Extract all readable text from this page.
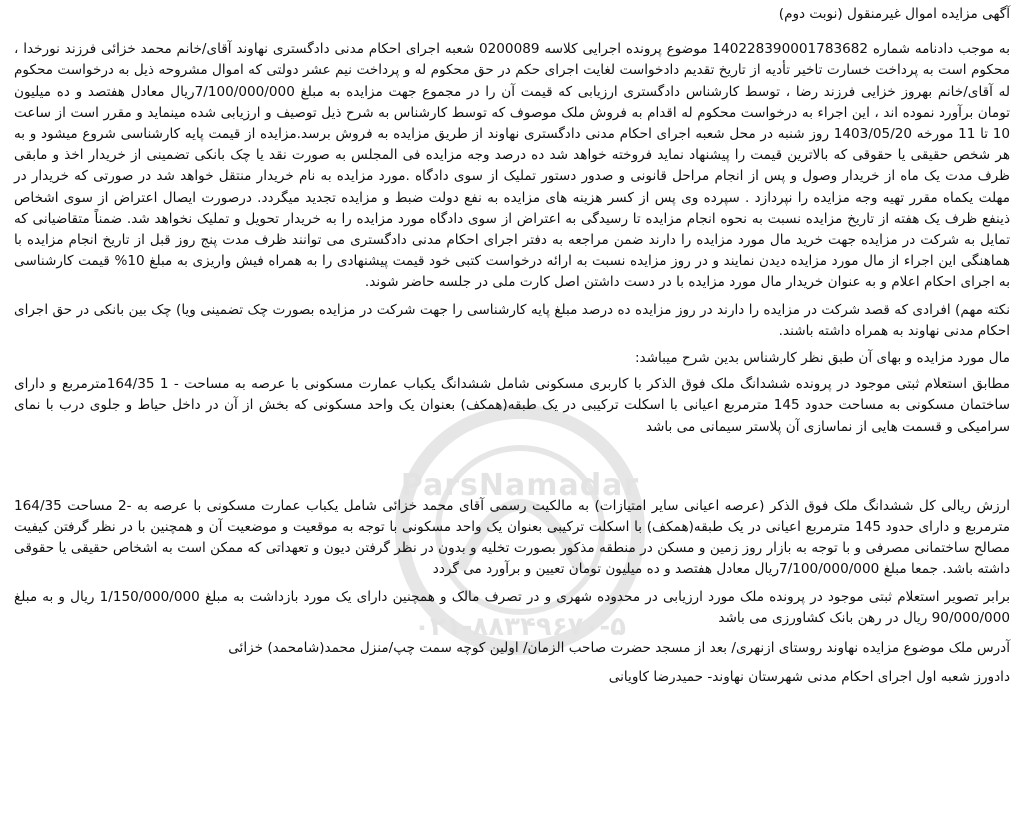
ParsNamadar
۰۲۱-۸۸۳۴۹۶۷۰-۵

آگهی مزایده اموال غیرمنقول (نوبت دوم)

به موجب دادنامه شماره 140228390001783682 موضوع پرونده اجرایی کلاسه 0200089 شعبه اجرای احکام مدنی دادگستری نهاوند آقای/خانم محمد خزائی فرزند نورخدا ، محکوم است به پرداخت خسارت تاخیر تأدیه از تاریخ تقدیم دادخواست لغایت اجرای حکم در حق محکوم له و پرداخت نیم عشر دولتی که اموال مشروحه ذیل به درخواست محکوم له آقای/خانم بهروز خزایی فرزند رضا ، توسط کارشناس دادگستری ارزیابی که قیمت آن را در مجموع جهت مزایده به مبلغ 7/100/000/000ریال معادل هفتصد و ده میلیون تومان برآورد نموده اند ، این اجراء به درخواست محکوم له اقدام به فروش ملک موصوف که توسط کارشناس به شرح ذیل توصیف و ارزیابی شده مینماید و مقرر است از ساعت 10 تا 11 مورخه 1403/05/20 روز شنبه در محل شعبه اجرای احکام مدنی دادگستری نهاوند از طریق مزایده به فروش برسد.مزایده از قیمت پایه کارشناسی شروع میشود و به هر شخص حقیقی یا حقوقی که بالاترین قیمت را پیشنهاد نماید فروخته خواهد شد ده درصد وجه مزایده فی المجلس به صورت نقد یا چک بانکی تضمینی از خریدار اخذ و مابقی ظرف مدت یک ماه از خریدار وصول و پس از انجام مراحل قانونی و صدور دستور تملیک از سوی دادگاه .مورد مزایده به نام خریدار منتقل خواهد شد در صورتی که خریدار در مهلت یکماه مقرر تهیه وجه مزایده را نپردازد . سپرده وی پس از کسر هزینه های مزایده به نفع دولت ضبط و مزایده تجدید میگردد. درصورت ایصال اعتراض از سوی اشخاص ذینفع ظرف یک هفته از تاریخ مزایده نسبت به نحوه انجام مزایده تا رسیدگی به اعتراض از سوی دادگاه مورد مزایده را به خریدار تحویل و تملیک نخواهد شد. ضمناً متقاضیانی که تمایل به شرکت در مزایده جهت خرید مال مورد مزایده را دارند ضمن مراجعه به دفتر اجرای احکام مدنی دادگستری می توانند ظرف مدت پنج روز قبل از تاریخ انجام مزایده با هماهنگی این اجراء از مال مورد مزایده دیدن نمایند و در روز مزایده نسبت به ارائه درخواست کتبی خود قیمت پیشنهادی را به همراه فیش واریزی به مبلغ 10% قیمت کارشناسی به اجرای احکام اعلام و به عنوان خریدار مال مورد مزایده با در دست داشتن اصل کارت ملی در جلسه حاضر شوند.

نکته مهم) افرادی که قصد شرکت در مزایده را دارند در روز مزایده ده درصد مبلغ پایه کارشناسی را جهت شرکت در مزایده بصورت چک تضمینی ویا) چک بین بانکی در حق اجرای احکام مدنی نهاوند به همراه داشته باشند.

مال مورد مزایده و بهای آن طبق نظر کارشناس بدین شرح میباشد:

مطابق استعلام ثبتی موجود در پرونده ششدانگ ملک فوق الذکر با کاربری مسکونی شامل ششدانگ یکباب عمارت مسکونی با عرصه به مساحت - 1 164/35مترمربع و دارای ساختمان مسکونی به مساحت حدود 145 مترمربع اعیانی با اسکلت ترکیبی در یک طبقه(همکف) بعنوان یک واحد مسکونی که بخش از آن در داخل حیاط و جلوی درب با نمای سرامیکی و قسمت هایی از نماسازی آن پلاستر سیمانی می باشد

ارزش ریالی کل ششدانگ ملک فوق الذکر (عرصه اعیانی سایر امتیازات) به مالکیت رسمی آقای محمد خزائی شامل یکباب عمارت مسکونی با عرصه به -2 مساحت 164/35 مترمربع و دارای حدود 145 مترمربع اعیانی در یک طبقه(همکف) با اسکلت ترکیبی بعنوان یک واحد مسکونی با توجه به موقعیت و موضعیت آن و همچنین با در نظر گرفتن کیفیت مصالح ساختمانی مصرفی و با توجه به بازار روز زمین و مسکن در منطقه مذکور بصورت تخلیه و بدون در نظر گرفتن دیون و تعهداتی که ممکن است به اشخاص حقیقی یا حقوقی داشته باشد. جمعا مبلغ 7/100/000/000ریال معادل هفتصد و ده میلیون تومان تعیین و برآورد می گردد

برابر تصویر استعلام ثبتی موجود در پرونده ملک مورد ارزیابی در محدوده شهری و در تصرف مالک و همچنین دارای یک مورد بازداشت به مبلغ 1/150/000/000 ریال و به مبلغ 90/000/000 ریال در رهن بانک کشاورزی می باشد

آدرس ملک موضوع مزایده نهاوند روستای ازنهری/ بعد از مسجد حضرت صاحب الزمان/ اولین کوچه سمت چپ/منزل محمد(شامحمد) خزائی

دادورز شعبه اول اجرای احکام مدنی شهرستان نهاوند- حمیدرضا کاویانی
